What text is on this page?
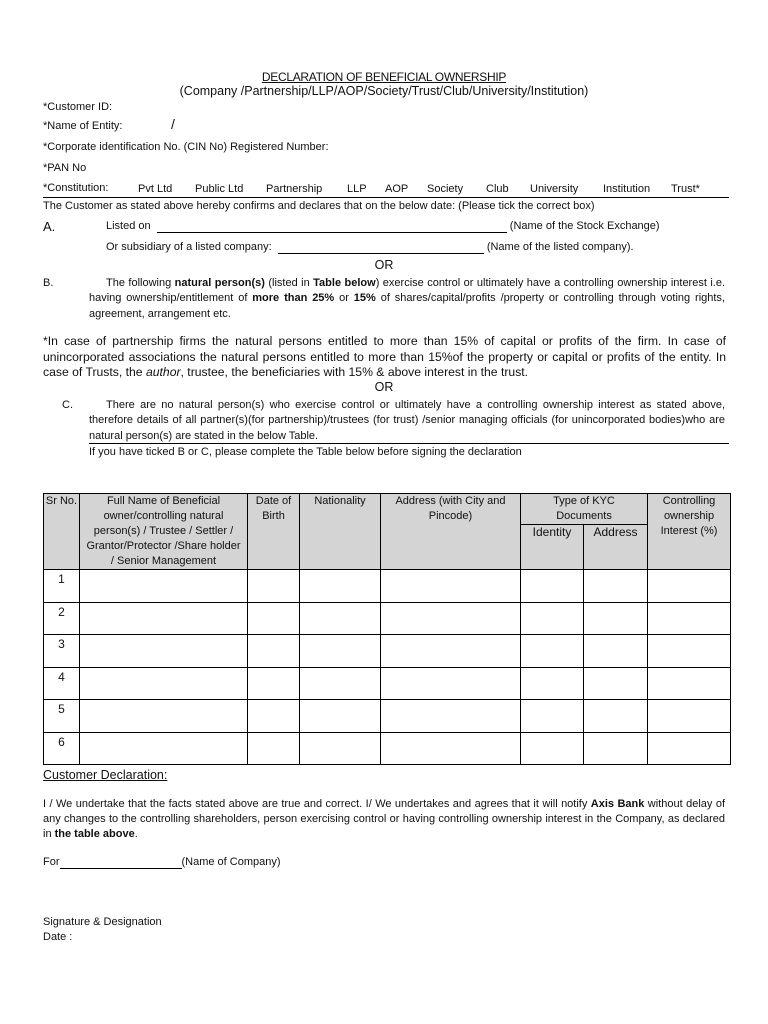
DECLARATION OF BENEFICIAL OWNERSHIP
(Company /Partnership/LLP/AOP/Society/Trust/Club/University/Institution)
*Customer ID:
*Name of Entity:	/
*Corporate identification No. (CIN No) Registered Number:
*PAN No
*Constitution:	Pvt Ltd Public Ltd Partnership LLP AOP Society Club University Institution Trust*
The Customer as stated above hereby confirms and declares that on the below date: (Please tick the correct box)
A.	Listed on	(Name of the Stock Exchange)
Or subsidiary of a listed company:	(Name of the listed company).
OR
B.	The following natural person(s) (listed in Table below) exercise control or ultimately have a controlling ownership interest i.e. having ownership/entitlement of more than 25% or 15% of shares/capital/profits /property or controlling through voting rights, agreement, arrangement etc.
*In case of partnership firms the natural persons entitled to more than 15% of capital or profits of the firm. In case of unincorporated associations the natural persons entitled to more than 15%of the property or capital or profits of the entity. In case of Trusts, the author, trustee, the beneficiaries with 15% & above interest in the trust.
OR
C.	There are no natural person(s) who exercise control or ultimately have a controlling ownership interest as stated above, therefore details of all partner(s)(for partnership)/trustees (for trust) /senior managing officials (for unincorporated bodies)who are natural person(s) are stated in the below Table.
If you have ticked B or C, please complete the Table below before signing the declaration
Sr No.	Full Name of Beneficial owner/controlling natural person(s) / Trustee / Settler / Grantor/Protector /Share holder / Senior Management	Date of Birth	Nationality	Address (with City and Pincode)	Type of KYC Documents		Controlling ownership Interest (%)
					Identity	Address	
1							
2							
3							
4							
5							
6							
Customer Declaration:
I / We undertake that the facts stated above are true and correct. I/ We undertakes and agrees that it will notify Axis Bank without delay of any changes to the controlling shareholders, person exercising control or having controlling ownership interest in the Company, as declared in the table above.
For	(Name of Company)
Signature & Designation
Date :
